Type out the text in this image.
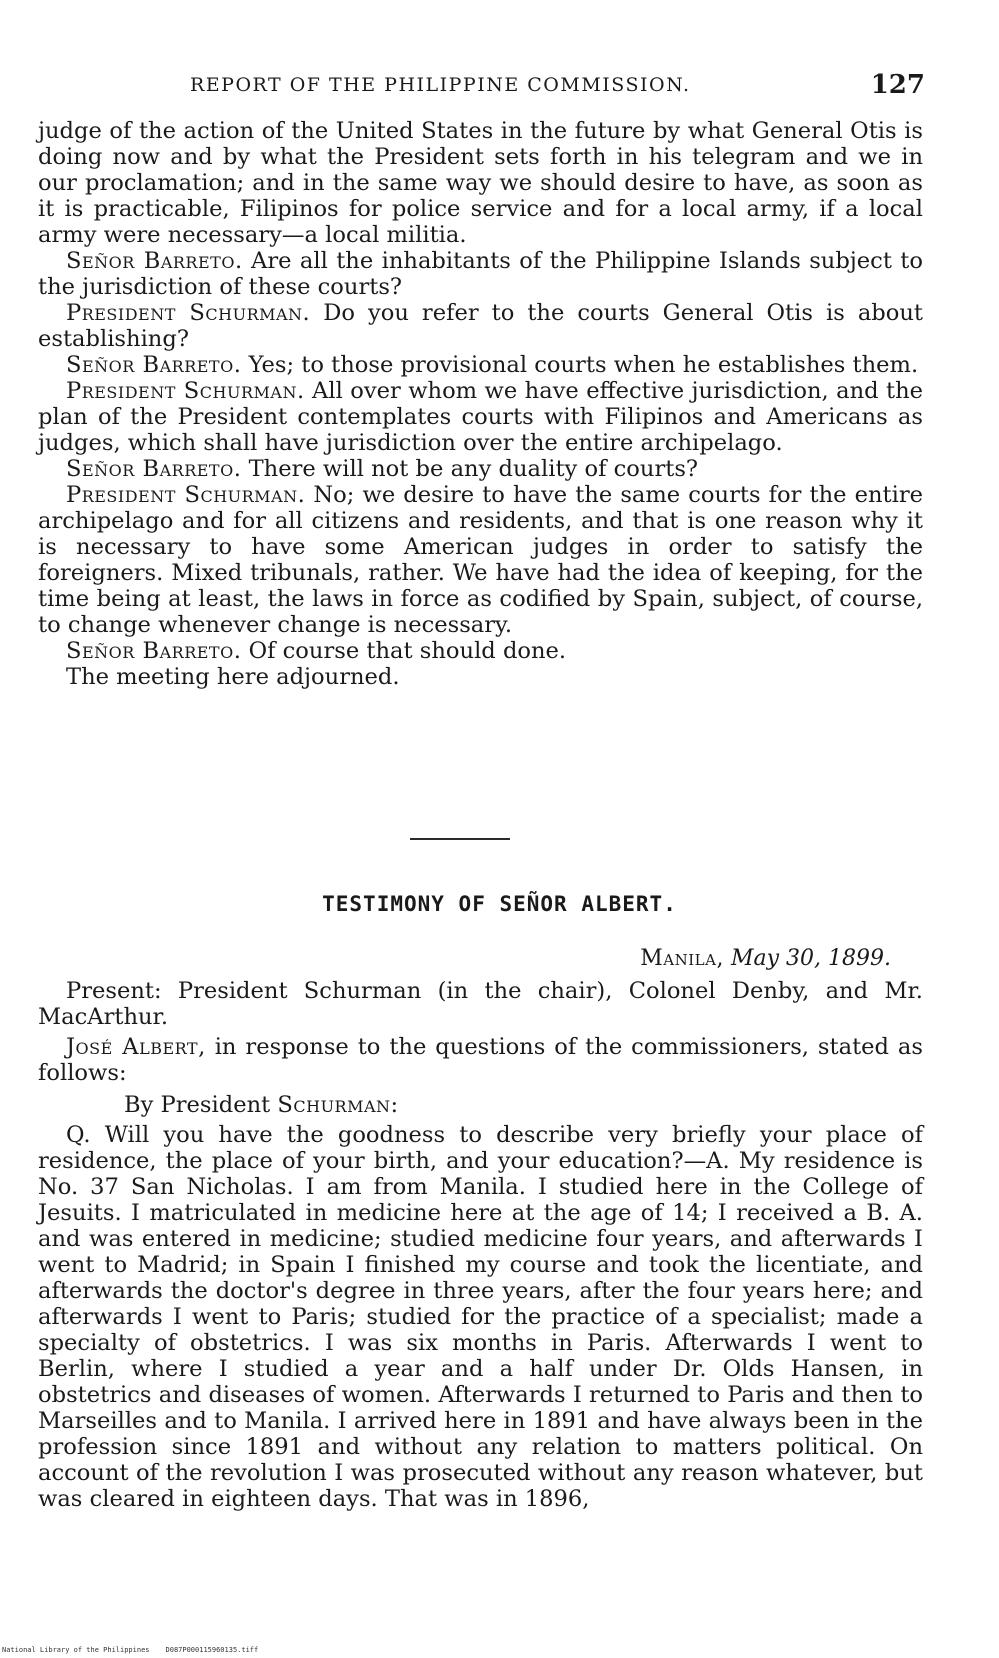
REPORT OF THE PHILIPPINE COMMISSION.	127

judge of the action of the United States in the future by what General Otis is doing now and by what the President sets forth in his telegram and we in our proclamation; and in the same way we should desire to have, as soon as it is practicable, Filipinos for police service and for a local army, if a local army were necessary—a local militia.

Señor Barreto. Are all the inhabitants of the Philippine Islands subject to the jurisdiction of these courts?

President Schurman. Do you refer to the courts General Otis is about establishing?

Señor Barreto. Yes; to those provisional courts when he establishes them.

President Schurman. All over whom we have effective jurisdiction, and the plan of the President contemplates courts with Filipinos and Americans as judges, which shall have jurisdiction over the entire archipelago.

Señor Barreto. There will not be any duality of courts?

President Schurman. No; we desire to have the same courts for the entire archipelago and for all citizens and residents, and that is one reason why it is necessary to have some American judges in order to satisfy the foreigners. Mixed tribunals, rather. We have had the idea of keeping, for the time being at least, the laws in force as codified by Spain, subject, of course, to change whenever change is necessary.

Señor Barreto. Of course that should done.

The meeting here adjourned.

TESTIMONY OF SEÑOR ALBERT.
Manila, May 30, 1899.

Present: President Schurman (in the chair), Colonel Denby, and Mr. MacArthur.

José Albert, in response to the questions of the commissioners, stated as follows:

By President Schurman:

Q. Will you have the goodness to describe very briefly your place of residence, the place of your birth, and your education?—A. My residence is No. 37 San Nicholas. I am from Manila. I studied here in the College of Jesuits. I matriculated in medicine here at the age of 14; I received a B. A. and was entered in medicine; studied medicine four years, and afterwards I went to Madrid; in Spain I finished my course and took the licentiate, and afterwards the doctor's degree in three years, after the four years here; and afterwards I went to Paris; studied for the practice of a specialist; made a specialty of obstetrics. I was six months in Paris. Afterwards I went to Berlin, where I studied a year and a half under Dr. Olds Hansen, in obstetrics and diseases of women. Afterwards I returned to Paris and then to Marseilles and to Manila. I arrived here in 1891 and have always been in the profession since 1891 and without any relation to matters political. On account of the revolution I was prosecuted without any reason whatever, but was cleared in eighteen days. That was in 1896,

National Library of the Philippines D087P000115960135.tiff
